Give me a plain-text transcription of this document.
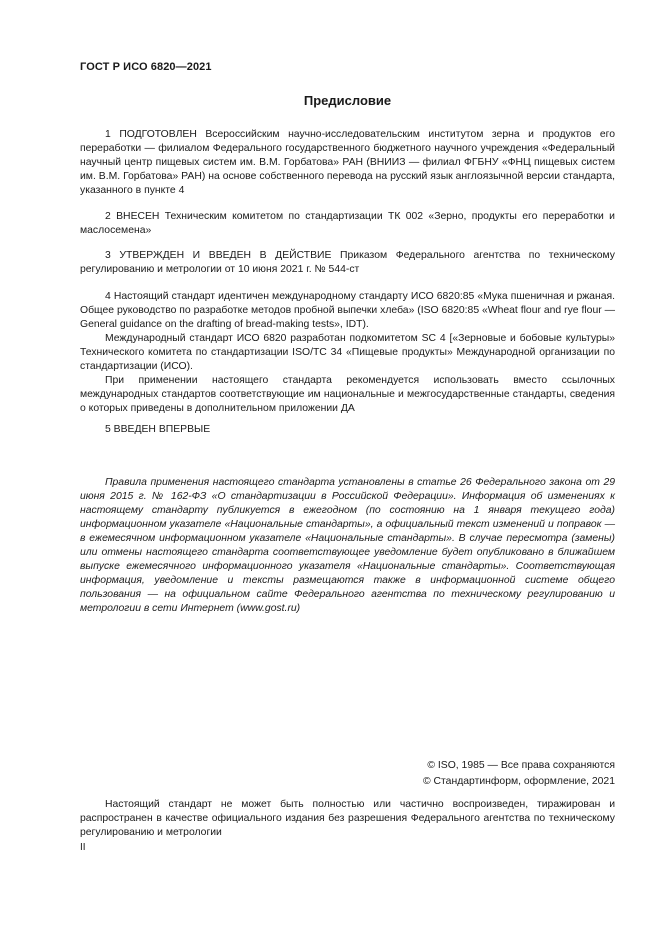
ГОСТ Р ИСО 6820—2021
Предисловие

1 ПОДГОТОВЛЕН Всероссийским научно-исследовательским институтом зерна и продуктов его переработки — филиалом Федерального государственного бюджетного научного учреждения «Федеральный научный центр пищевых систем им. В.М. Горбатова» РАН (ВНИИЗ — филиал ФГБНУ «ФНЦ пищевых систем им. В.М. Горбатова» РАН) на основе собственного перевода на русский язык англоязычной версии стандарта, указанного в пункте 4

2 ВНЕСЕН Техническим комитетом по стандартизации ТК 002 «Зерно, продукты его переработки и маслосемена»

3 УТВЕРЖДЕН И ВВЕДЕН В ДЕЙСТВИЕ Приказом Федерального агентства по техническому регулированию и метрологии от 10 июня 2021 г. № 544-ст

4 Настоящий стандарт идентичен международному стандарту ИСО 6820:85 «Мука пшеничная и ржаная. Общее руководство по разработке методов пробной выпечки хлеба» (ISO 6820:85 «Wheat flour and rye flour — General guidance on the drafting of bread-making tests», IDT).

Международный стандарт ИСО 6820 разработан подкомитетом SC 4 [«Зерновые и бобовые культуры» Технического комитета по стандартизации ISO/TC 34 «Пищевые продукты» Международной организации по стандартизации (ИСО).

При применении настоящего стандарта рекомендуется использовать вместо ссылочных международных стандартов соответствующие им национальные и межгосударственные стандарты, сведения о которых приведены в дополнительном приложении ДА

5 ВВЕДЕН ВПЕРВЫЕ

Правила применения настоящего стандарта установлены в статье 26 Федерального закона от 29 июня 2015 г. № 162-ФЗ «О стандартизации в Российской Федерации». Информация об изменениях к настоящему стандарту публикуется в ежегодном (по состоянию на 1 января текущего года) информационном указателе «Национальные стандарты», а официальный текст изменений и поправок — в ежемесячном информационном указателе «Национальные стандарты». В случае пересмотра (замены) или отмены настоящего стандарта соответствующее уведомление будет опубликовано в ближайшем выпуске ежемесячного информационного указателя «Национальные стандарты». Соответствующая информация, уведомление и тексты размещаются также в информационной системе общего пользования — на официальном сайте Федерального агентства по техническому регулированию и метрологии в сети Интернет (www.gost.ru)

© ISO, 1985 — Все права сохраняются
© Стандартинформ, оформление, 2021

Настоящий стандарт не может быть полностью или частично воспроизведен, тиражирован и распространен в качестве официального издания без разрешения Федерального агентства по техническому регулированию и метрологии

II
